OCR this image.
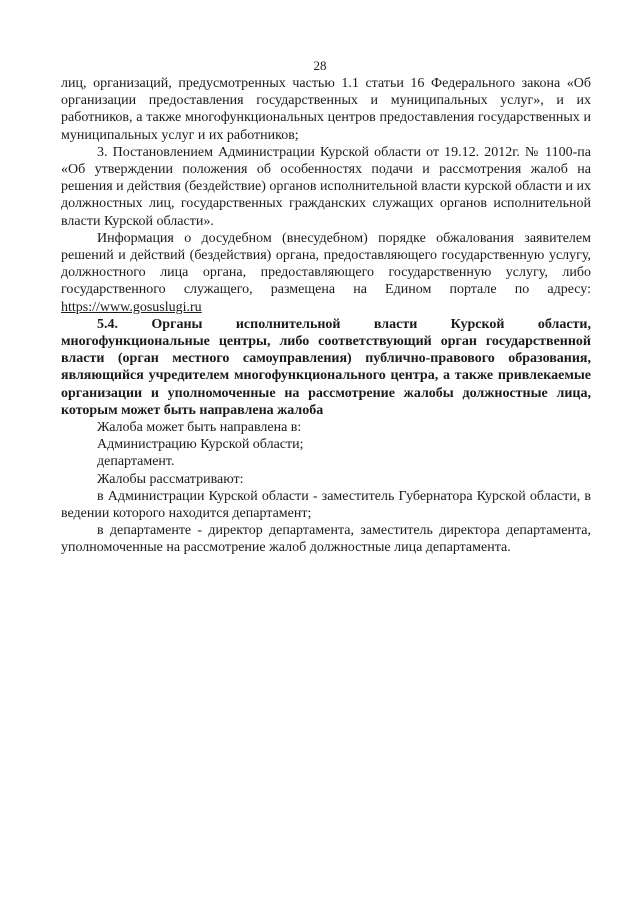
28

лиц, организаций, предусмотренных частью 1.1 статьи 16 Федерального закона «Об организации предоставления государственных и муниципальных услуг», и их работников, а также многофункциональных центров предоставления государственных и муниципальных услуг и их работников;

3. Постановлением Администрации Курской области от 19.12. 2012г. № 1100-па «Об утверждении положения об особенностях подачи и рассмотрения жалоб на решения и действия (бездействие) органов исполнительной власти курской области и их должностных лиц, государственных гражданских служащих органов исполнительной власти Курской области».

Информация о досудебном (внесудебном) порядке обжалования заявителем решений и действий (бездействия) органа, предоставляющего государственную услугу, должностного лица органа, предоставляющего государственную услугу, либо государственного служащего, размещена на Едином портале по адресу: https://www.gosuslugi.ru

5.4. Органы исполнительной власти Курской области, многофункциональные центры, либо соответствующий орган государственной власти (орган местного самоуправления) публично-правового образования, являющийся учредителем многофункционального центра, а также привлекаемые организации и уполномоченные на рассмотрение жалобы должностные лица, которым может быть направлена жалоба

Жалоба может быть направлена в:

Администрацию Курской области;

департамент.

Жалобы рассматривают:

в Администрации Курской области - заместитель Губернатора Курской области, в ведении которого находится департамент;

в департаменте - директор департамента, заместитель директора департамента, уполномоченные на рассмотрение жалоб должностные лица департамента.
